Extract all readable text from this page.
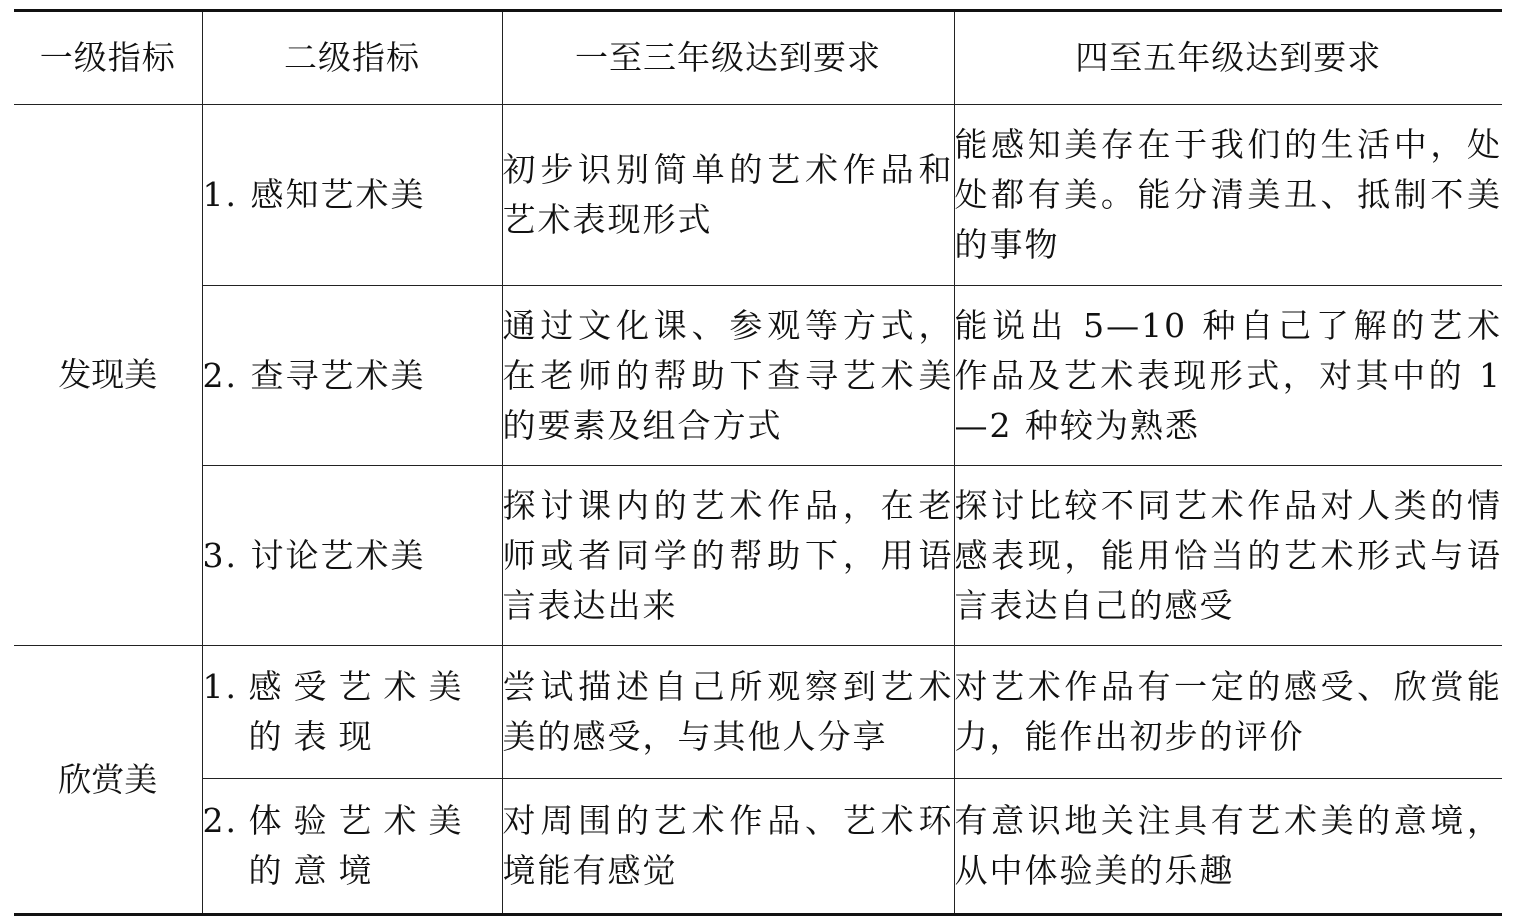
一级指标	二级指标	一至三年级达到要求	四至五年级达到要求
发现美	1. 感知艺术美	初步识别简单的艺术作品和艺术表现形式	能感知美存在于我们的生活中，处处都有美。能分清美丑、抵制不美的事物
	2. 查寻艺术美	通过文化课、参观等方式，在老师的帮助下查寻艺术美的要素及组合方式	能说出 5—10 种自己了解的艺术作品及艺术表现形式，对其中的 1—2 种较为熟悉
	3. 讨论艺术美	探讨课内的艺术作品，在老师或者同学的帮助下，用语言表达出来	探讨比较不同艺术作品对人类的情感表现，能用恰当的艺术形式与语言表达自己的感受
欣赏美	1. 感受艺术美的表现	尝试描述自己所观察到艺术美的感受，与其他人分享	对艺术作品有一定的感受、欣赏能力，能作出初步的评价

	2. 体验艺术美的意境	对周围的艺术作品、艺术环境能有感觉	有意识地关注具有艺术美的意境，从中体验美的乐趣
